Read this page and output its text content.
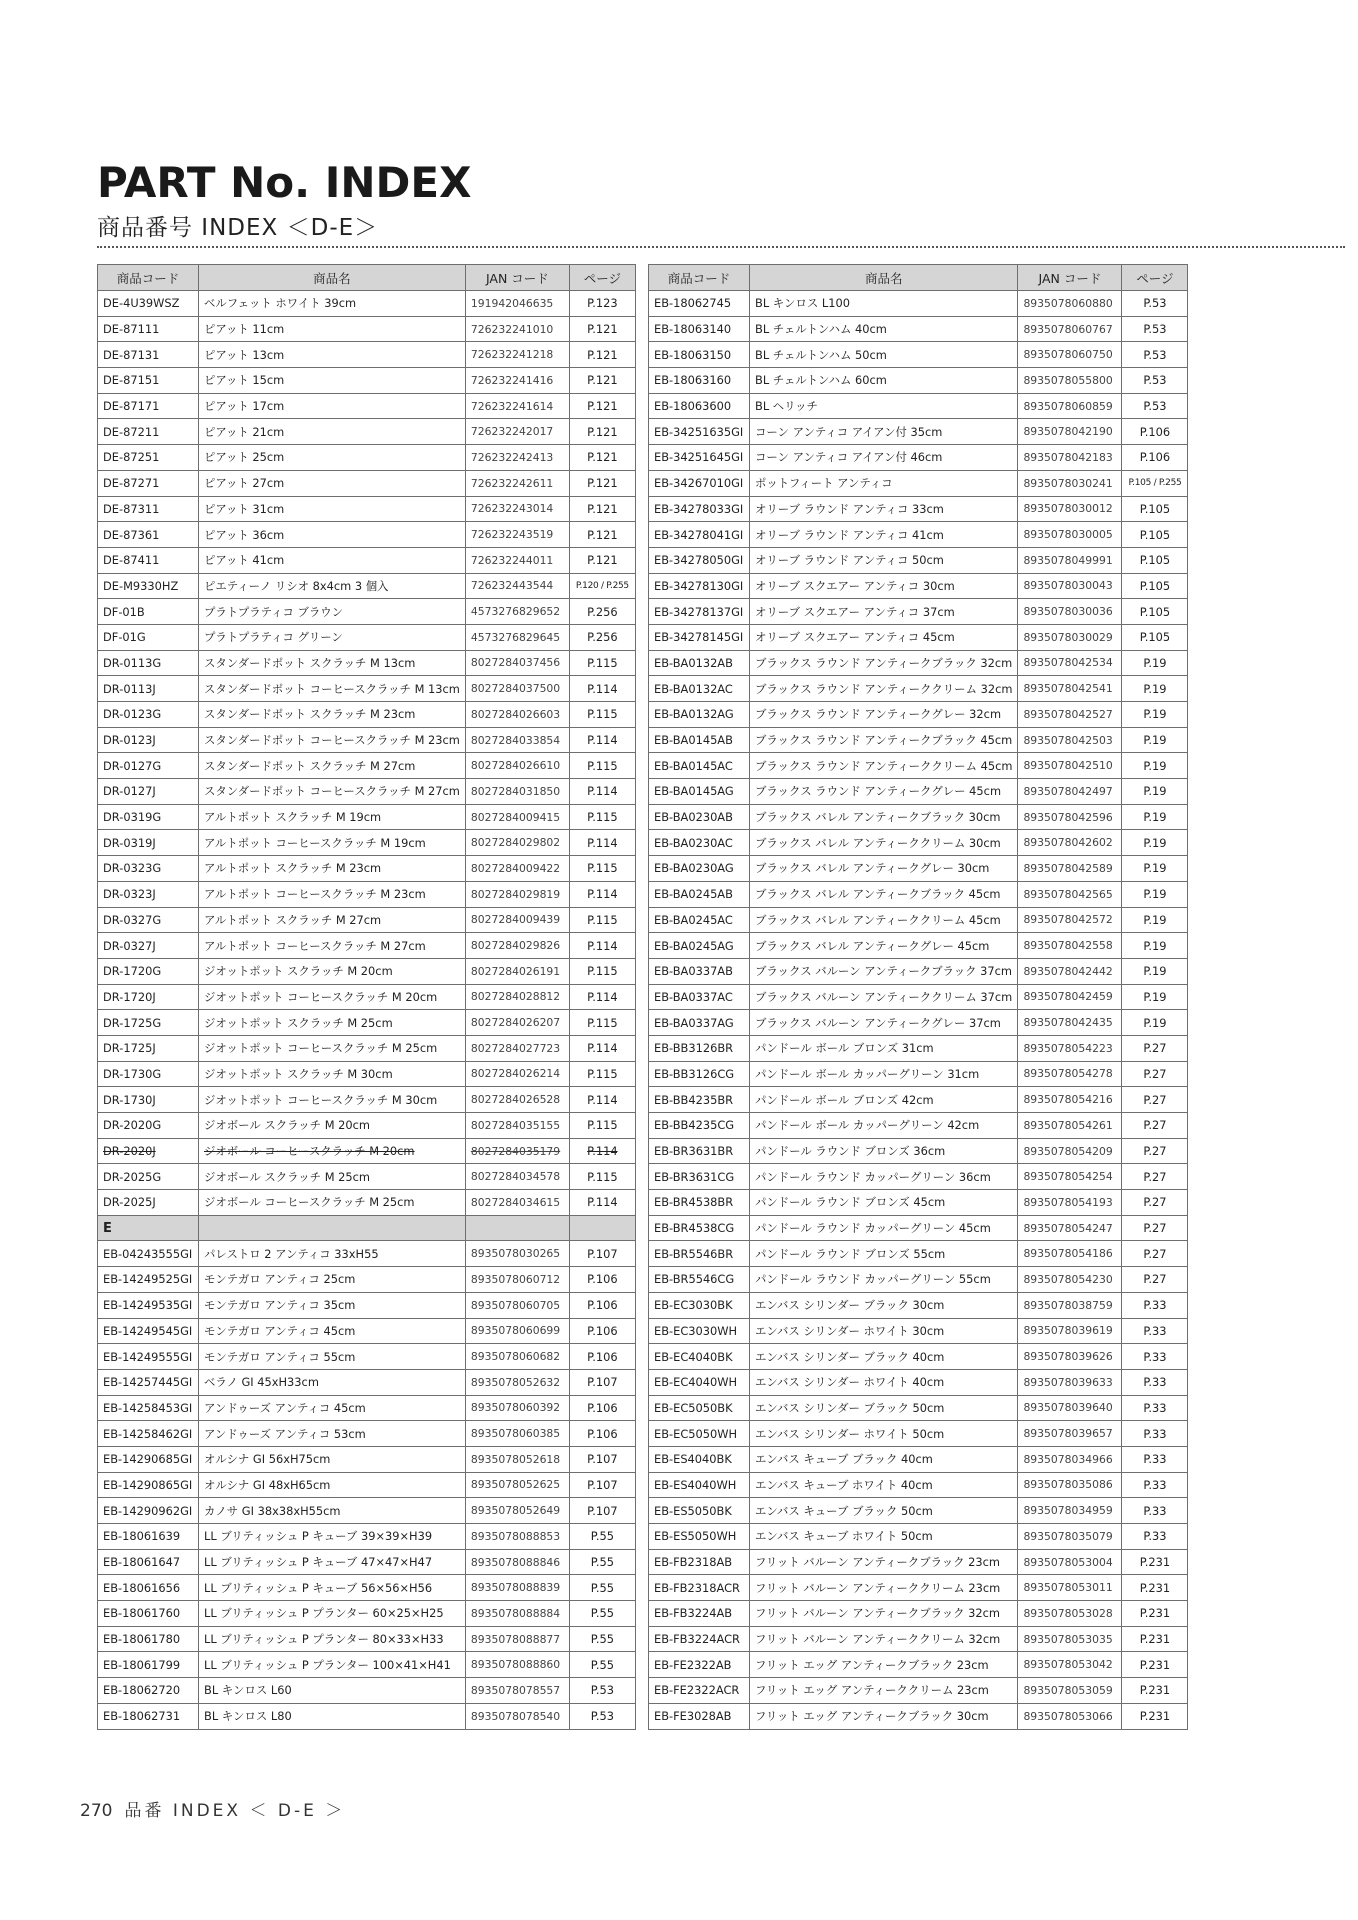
PART No. INDEX
商品番号 INDEX ＜D-E＞
商品コード	商品名	JAN コード	ページ
DE-4U39WSZ	ベルフェット ホワイト 39cm	191942046635	P.123
DE-87111	ピアット 11cm	726232241010	P.121
DE-87131	ピアット 13cm	726232241218	P.121
DE-87151	ピアット 15cm	726232241416	P.121
DE-87171	ピアット 17cm	726232241614	P.121
DE-87211	ピアット 21cm	726232242017	P.121
DE-87251	ピアット 25cm	726232242413	P.121
DE-87271	ピアット 27cm	726232242611	P.121
DE-87311	ピアット 31cm	726232243014	P.121
DE-87361	ピアット 36cm	726232243519	P.121
DE-87411	ピアット 41cm	726232244011	P.121
DE-M9330HZ	ピエティーノ リシオ 8x4cm 3 個入	726232443544	P.120 / P.255
DF-01B	プラトプラティコ ブラウン	4573276829652	P.256
DF-01G	プラトプラティコ グリーン	4573276829645	P.256
DR-0113G	スタンダードポット スクラッチ M 13cm	8027284037456	P.115
DR-0113J	スタンダードポット コーヒースクラッチ M 13cm	8027284037500	P.114
DR-0123G	スタンダードポット スクラッチ M 23cm	8027284026603	P.115
DR-0123J	スタンダードポット コーヒースクラッチ M 23cm	8027284033854	P.114
DR-0127G	スタンダードポット スクラッチ M 27cm	8027284026610	P.115
DR-0127J	スタンダードポット コーヒースクラッチ M 27cm	8027284031850	P.114
DR-0319G	アルトポット スクラッチ M 19cm	8027284009415	P.115
DR-0319J	アルトポット コーヒースクラッチ M 19cm	8027284029802	P.114
DR-0323G	アルトポット スクラッチ M 23cm	8027284009422	P.115
DR-0323J	アルトポット コーヒースクラッチ M 23cm	8027284029819	P.114
DR-0327G	アルトポット スクラッチ M 27cm	8027284009439	P.115
DR-0327J	アルトポット コーヒースクラッチ M 27cm	8027284029826	P.114
DR-1720G	ジオットポット スクラッチ M 20cm	8027284026191	P.115
DR-1720J	ジオットポット コーヒースクラッチ M 20cm	8027284028812	P.114
DR-1725G	ジオットポット スクラッチ M 25cm	8027284026207	P.115
DR-1725J	ジオットポット コーヒースクラッチ M 25cm	8027284027723	P.114
DR-1730G	ジオットポット スクラッチ M 30cm	8027284026214	P.115
DR-1730J	ジオットポット コーヒースクラッチ M 30cm	8027284026528	P.114
DR-2020G	ジオボール スクラッチ M 20cm	8027284035155	P.115
DR-2020J	ジオボール コーヒースクラッチ M 20cm	8027284035179	P.114
DR-2025G	ジオボール スクラッチ M 25cm	8027284034578	P.115
DR-2025J	ジオボール コーヒースクラッチ M 25cm	8027284034615	P.114
E			
EB-04243555GI	パレストロ 2 アンティコ 33xH55	8935078030265	P.107
EB-14249525GI	モンテガロ アンティコ 25cm	8935078060712	P.106
EB-14249535GI	モンテガロ アンティコ 35cm	8935078060705	P.106
EB-14249545GI	モンテガロ アンティコ 45cm	8935078060699	P.106
EB-14249555GI	モンテガロ アンティコ 55cm	8935078060682	P.106
EB-14257445GI	ベラノ GI 45xH33cm	8935078052632	P.107
EB-14258453GI	アンドゥーズ アンティコ 45cm	8935078060392	P.106
EB-14258462GI	アンドゥーズ アンティコ 53cm	8935078060385	P.106
EB-14290685GI	オルシナ GI 56xH75cm	8935078052618	P.107
EB-14290865GI	オルシナ GI 48xH65cm	8935078052625	P.107
EB-14290962GI	カノサ GI 38x38xH55cm	8935078052649	P.107
EB-18061639	LL ブリティッシュ P キューブ 39×39×H39	8935078088853	P.55
EB-18061647	LL ブリティッシュ P キューブ 47×47×H47	8935078088846	P.55
EB-18061656	LL ブリティッシュ P キューブ 56×56×H56	8935078088839	P.55
EB-18061760	LL ブリティッシュ P プランター 60×25×H25	8935078088884	P.55
EB-18061780	LL ブリティッシュ P プランター 80×33×H33	8935078088877	P.55
EB-18061799	LL ブリティッシュ P プランター 100×41×H41	8935078088860	P.55
EB-18062720	BL キンロス L60	8935078078557	P.53
EB-18062731	BL キンロス L80	8935078078540	P.53
商品コード	商品名	JAN コード	ページ
EB-18062745	BL キンロス L100	8935078060880	P.53
EB-18063140	BL チェルトンハム 40cm	8935078060767	P.53
EB-18063150	BL チェルトンハム 50cm	8935078060750	P.53
EB-18063160	BL チェルトンハム 60cm	8935078055800	P.53
EB-18063600	BL ヘリッチ	8935078060859	P.53
EB-34251635GI	コーン アンティコ アイアン付 35cm	8935078042190	P.106
EB-34251645GI	コーン アンティコ アイアン付 46cm	8935078042183	P.106
EB-34267010GI	ポットフィート アンティコ	8935078030241	P.105 / P.255
EB-34278033GI	オリーブ ラウンド アンティコ 33cm	8935078030012	P.105
EB-34278041GI	オリーブ ラウンド アンティコ 41cm	8935078030005	P.105
EB-34278050GI	オリーブ ラウンド アンティコ 50cm	8935078049991	P.105
EB-34278130GI	オリーブ スクエアー アンティコ 30cm	8935078030043	P.105
EB-34278137GI	オリーブ スクエアー アンティコ 37cm	8935078030036	P.105
EB-34278145GI	オリーブ スクエアー アンティコ 45cm	8935078030029	P.105
EB-BA0132AB	ブラックス ラウンド アンティークブラック 32cm	8935078042534	P.19
EB-BA0132AC	ブラックス ラウンド アンティーククリーム 32cm	8935078042541	P.19
EB-BA0132AG	ブラックス ラウンド アンティークグレー 32cm	8935078042527	P.19
EB-BA0145AB	ブラックス ラウンド アンティークブラック 45cm	8935078042503	P.19
EB-BA0145AC	ブラックス ラウンド アンティーククリーム 45cm	8935078042510	P.19
EB-BA0145AG	ブラックス ラウンド アンティークグレー 45cm	8935078042497	P.19
EB-BA0230AB	ブラックス バレル アンティークブラック 30cm	8935078042596	P.19
EB-BA0230AC	ブラックス バレル アンティーククリーム 30cm	8935078042602	P.19
EB-BA0230AG	ブラックス バレル アンティークグレー 30cm	8935078042589	P.19
EB-BA0245AB	ブラックス バレル アンティークブラック 45cm	8935078042565	P.19
EB-BA0245AC	ブラックス バレル アンティーククリーム 45cm	8935078042572	P.19
EB-BA0245AG	ブラックス バレル アンティークグレー 45cm	8935078042558	P.19
EB-BA0337AB	ブラックス バルーン アンティークブラック 37cm	8935078042442	P.19
EB-BA0337AC	ブラックス バルーン アンティーククリーム 37cm	8935078042459	P.19
EB-BA0337AG	ブラックス バルーン アンティークグレー 37cm	8935078042435	P.19
EB-BB3126BR	パンドール ボール ブロンズ 31cm	8935078054223	P.27
EB-BB3126CG	パンドール ボール カッパーグリーン 31cm	8935078054278	P.27
EB-BB4235BR	パンドール ボール ブロンズ 42cm	8935078054216	P.27
EB-BB4235CG	パンドール ボール カッパーグリーン 42cm	8935078054261	P.27
EB-BR3631BR	パンドール ラウンド ブロンズ 36cm	8935078054209	P.27
EB-BR3631CG	パンドール ラウンド カッパーグリーン 36cm	8935078054254	P.27
EB-BR4538BR	パンドール ラウンド ブロンズ 45cm	8935078054193	P.27
EB-BR4538CG	パンドール ラウンド カッパーグリーン 45cm	8935078054247	P.27
EB-BR5546BR	パンドール ラウンド ブロンズ 55cm	8935078054186	P.27
EB-BR5546CG	パンドール ラウンド カッパーグリーン 55cm	8935078054230	P.27
EB-EC3030BK	エンバス シリンダー ブラック 30cm	8935078038759	P.33
EB-EC3030WH	エンバス シリンダー ホワイト 30cm	8935078039619	P.33
EB-EC4040BK	エンバス シリンダー ブラック 40cm	8935078039626	P.33
EB-EC4040WH	エンバス シリンダー ホワイト 40cm	8935078039633	P.33
EB-EC5050BK	エンバス シリンダー ブラック 50cm	8935078039640	P.33
EB-EC5050WH	エンバス シリンダー ホワイト 50cm	8935078039657	P.33
EB-ES4040BK	エンバス キューブ ブラック 40cm	8935078034966	P.33
EB-ES4040WH	エンバス キューブ ホワイト 40cm	8935078035086	P.33
EB-ES5050BK	エンバス キューブ ブラック 50cm	8935078034959	P.33
EB-ES5050WH	エンバス キューブ ホワイト 50cm	8935078035079	P.33
EB-FB2318AB	フリット バルーン アンティークブラック 23cm	8935078053004	P.231
EB-FB2318ACR	フリット バルーン アンティーククリーム 23cm	8935078053011	P.231
EB-FB3224AB	フリット バルーン アンティークブラック 32cm	8935078053028	P.231
EB-FB3224ACR	フリット バルーン アンティーククリーム 32cm	8935078053035	P.231
EB-FE2322AB	フリット エッグ アンティークブラック 23cm	8935078053042	P.231
EB-FE2322ACR	フリット エッグ アンティーククリーム 23cm	8935078053059	P.231
EB-FE3028AB	フリット エッグ アンティークブラック 30cm	8935078053066	P.231
270 品番 INDEX ＜ D-E ＞
